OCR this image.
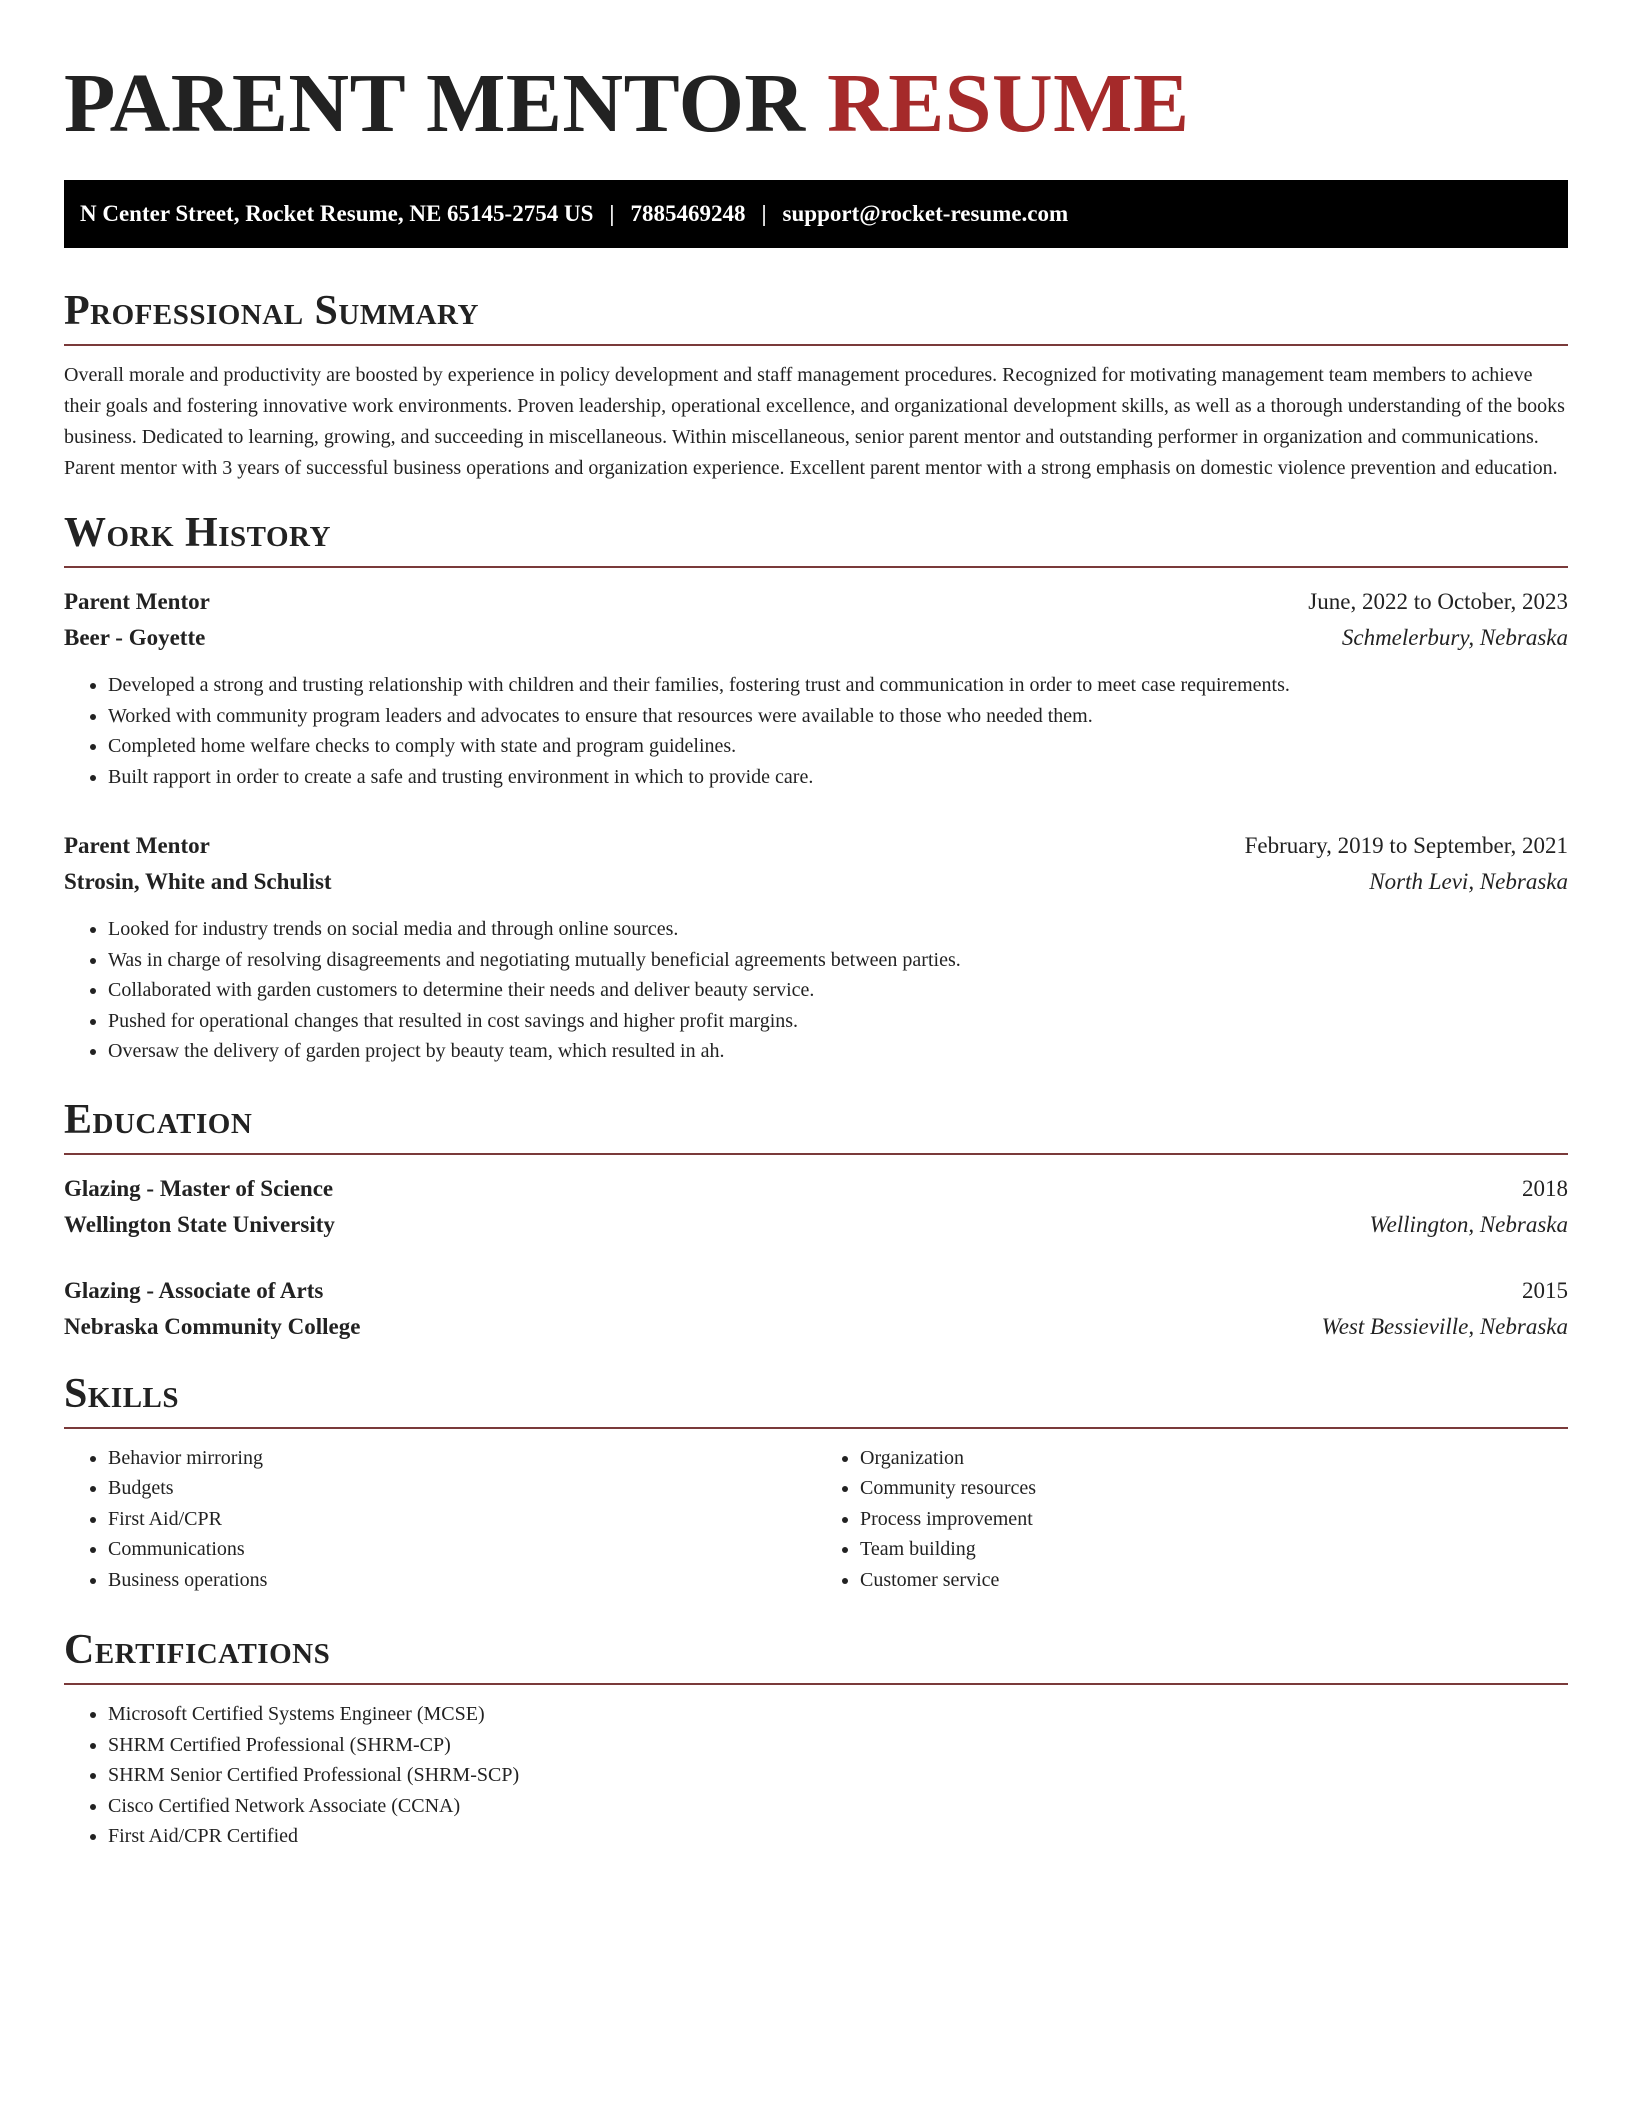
PARENT MENTOR RESUME
N Center Street, Rocket Resume, NE 65145-2754 US | 7885469248 | support@rocket-resume.com
Professional Summary

Overall morale and productivity are boosted by experience in policy development and staff management procedures. Recognized for motivating management team members to achieve their goals and fostering innovative work environments. Proven leadership, operational excellence, and organizational development skills, as well as a thorough understanding of the books business. Dedicated to learning, growing, and succeeding in miscellaneous. Within miscellaneous, senior parent mentor and outstanding performer in organization and communications. Parent mentor with 3 years of successful business operations and organization experience. Excellent parent mentor with a strong emphasis on domestic violence prevention and education.

Work History
Parent Mentor	June, 2022 to October, 2023
Beer - Goyette	Schmelerbury, Nebraska
• Developed a strong and trusting relationship with children and their families, fostering trust and communication in order to meet case requirements.
• Worked with community program leaders and advocates to ensure that resources were available to those who needed them.
• Completed home welfare checks to comply with state and program guidelines.
• Built rapport in order to create a safe and trusting environment in which to provide care.
Parent Mentor	February, 2019 to September, 2021
Strosin, White and Schulist	North Levi, Nebraska
• Looked for industry trends on social media and through online sources.
• Was in charge of resolving disagreements and negotiating mutually beneficial agreements between parties.
• Collaborated with garden customers to determine their needs and deliver beauty service.
• Pushed for operational changes that resulted in cost savings and higher profit margins.
• Oversaw the delivery of garden project by beauty team, which resulted in ah.
Education
Glazing - Master of Science	2018
Wellington State University	Wellington, Nebraska
Glazing - Associate of Arts	2015
Nebraska Community College	West Bessieville, Nebraska
Skills
• Behavior mirroring
• Budgets
• First Aid/CPR
• Communications
• Business operations
• Organization
• Community resources
• Process improvement
• Team building
• Customer service
Certifications
• Microsoft Certified Systems Engineer (MCSE)
• SHRM Certified Professional (SHRM-CP)
• SHRM Senior Certified Professional (SHRM-SCP)
• Cisco Certified Network Associate (CCNA)
• First Aid/CPR Certified
